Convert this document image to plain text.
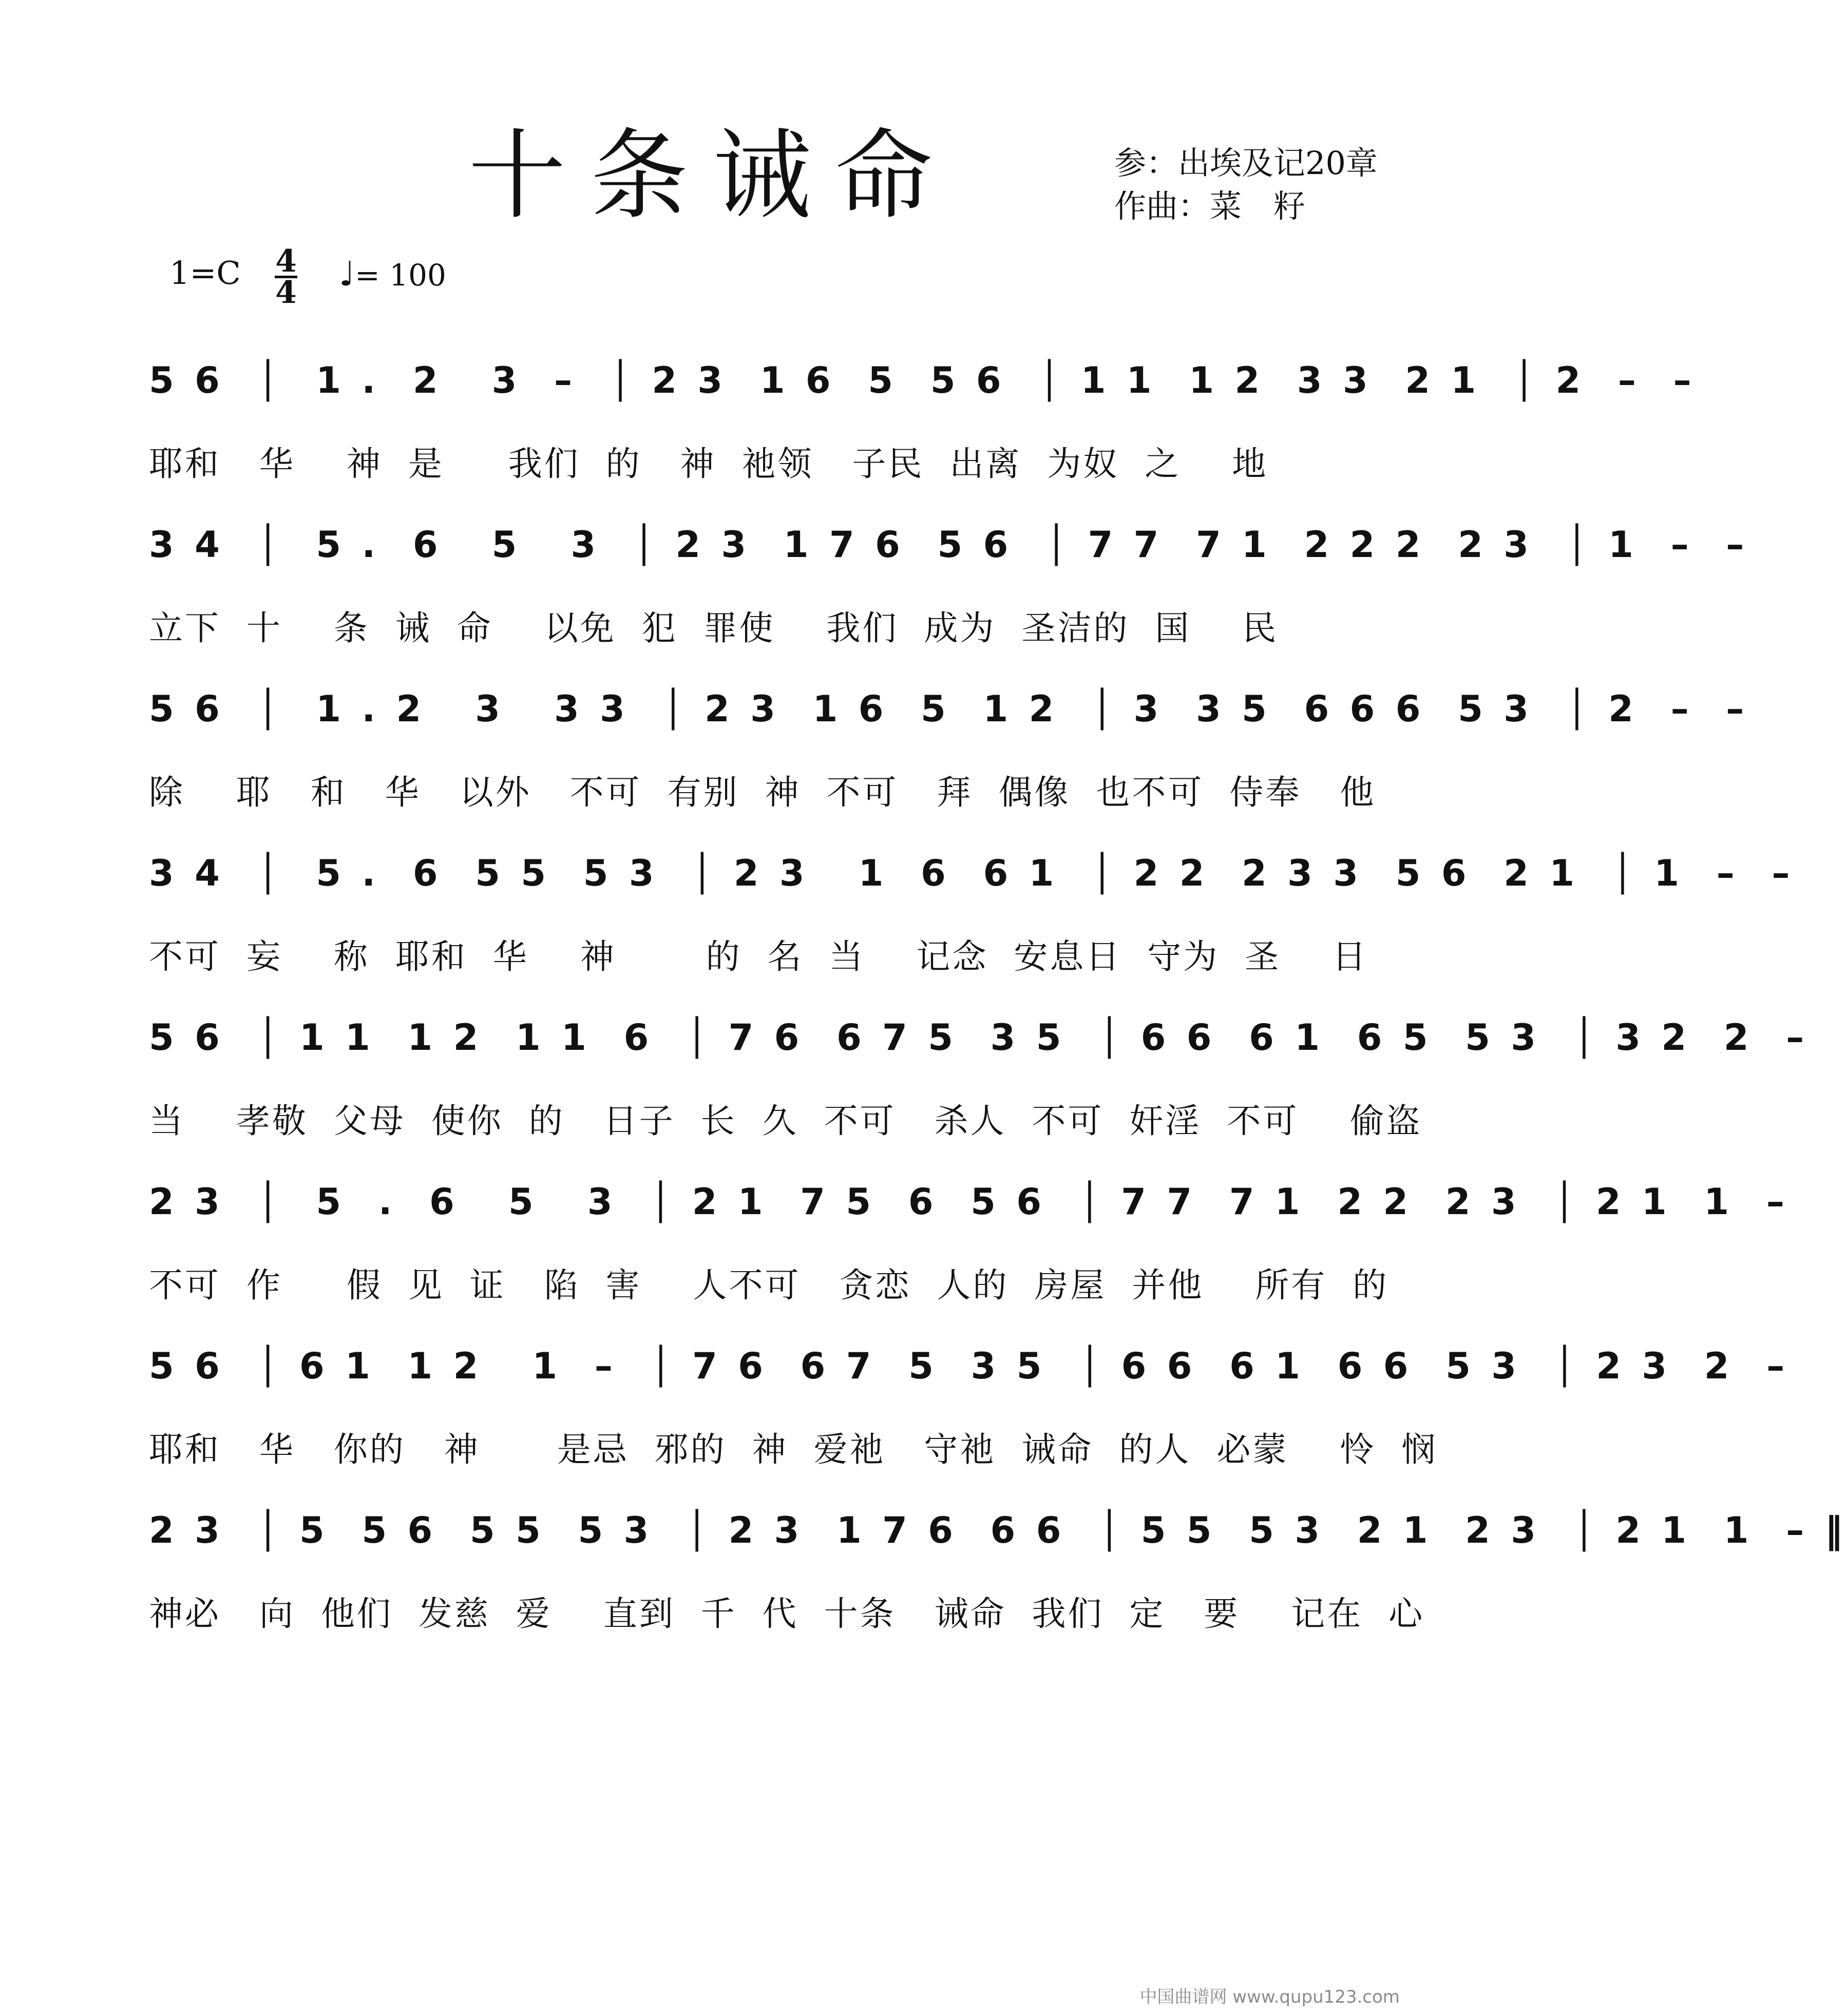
十条诫命	参：出埃及记20章
作曲：菜　籽
1=C 4
4 ♩= 100
5 6  │  1 .  2   3  –  │ 2 3  1 6  5  5 6  │ 1 1  1 2  3 3  2 1  │ 2  –  –
耶和   华    神  是     我们  的   神  祂领   子民  出离  为奴  之    地
3 4  │  5 .  6   5   3  │ 2 3  1 7 6  5 6  │ 7 7  7 1  2 2 2  2 3  │ 1  –  –
立下  十    条  诫  命    以免  犯  罪使    我们  成为  圣洁的  国    民
5 6  │  1 . 2   3   3 3  │ 2 3  1 6  5  1 2  │ 3  3 5  6 6 6  5 3  │ 2  –  –
除    耶   和   华   以外   不可  有别  神  不可   拜  偶像  也不可  侍奉   他
3 4  │  5 .  6  5 5  5 3  │ 2 3   1  6  6 1  │ 2 2  2 3 3  5 6  2 1  │ 1  –  –
不可  妄    称  耶和  华    神       的  名  当    记念  安息日  守为  圣    日
5 6  │ 1 1  1 2  1 1  6  │ 7 6  6 7 5  3 5  │ 6 6  6 1  6 5  5 3  │ 3 2  2  –
当    孝敬  父母  使你  的   日子  长  久  不可   杀人  不可  奸淫  不可    偷盗
2 3  │  5  .  6   5   3  │ 2 1  7 5  6  5 6  │ 7 7  7 1  2 2  2 3  │ 2 1  1  –
不可  作     假  见  证   陷  害    人不可   贪恋  人的  房屋  并他    所有  的
5 6  │ 6 1  1 2   1  –  │ 7 6  6 7  5  3 5  │ 6 6  6 1  6 6  5 3  │ 2 3  2  –
耶和   华   你的   神      是忌  邪的  神  爱祂   守祂  诫命  的人  必蒙    怜  悯
2 3  │ 5  5 6  5 5  5 3  │ 2 3  1 7 6  6 6  │ 5 5  5 3  2 1  2 3  │ 2 1  1  – ‖
神必   向  他们  发慈  爱    直到  千  代  十条   诫命  我们  定   要    记在  心
中国曲谱网 www.qupu123.com
